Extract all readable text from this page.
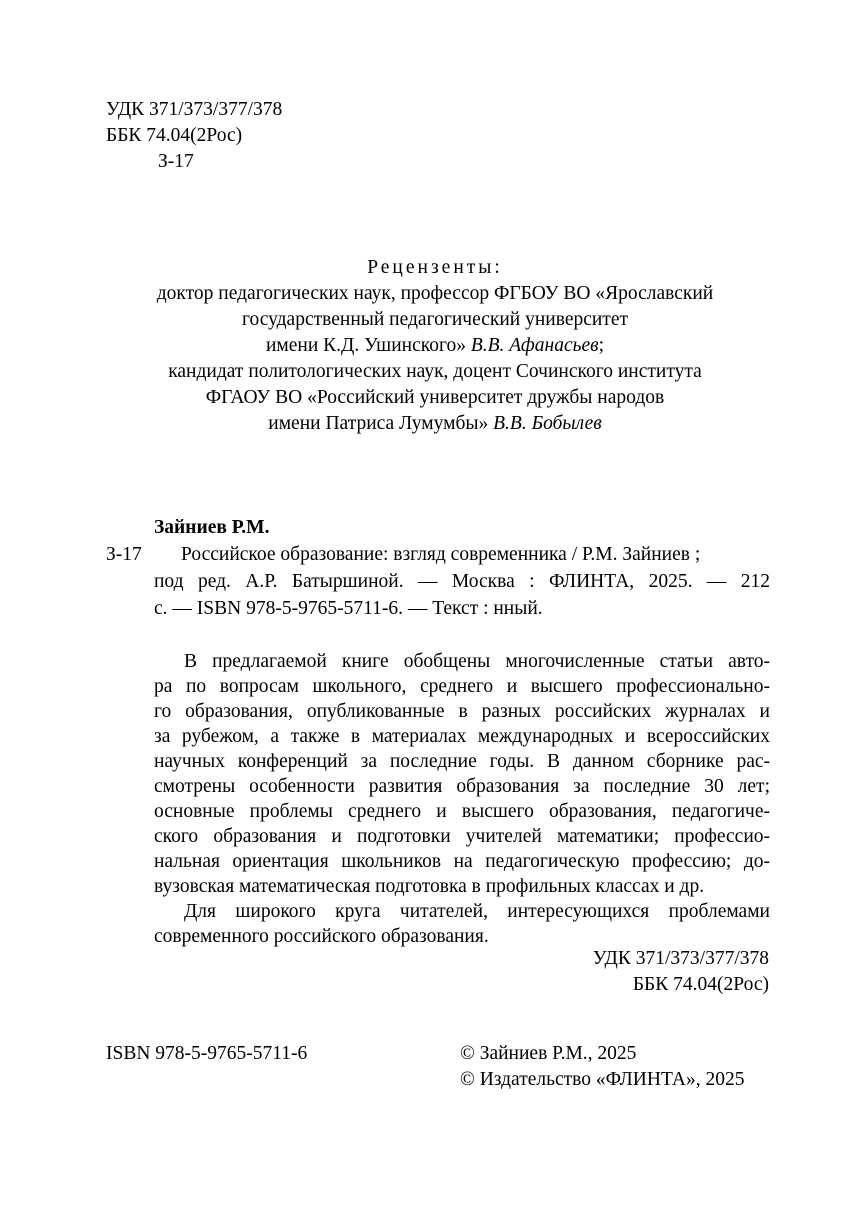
УДК 371/373/377/378
ББК 74.04(2Рос)
З-17
Рецензенты:
доктор педагогических наук, профессор ФГБОУ ВО «Ярославский
государственный педагогический университет
имени К.Д. Ушинского» В.В. Афанасьев;
кандидат политологических наук, доцент Сочинского института
ФГАОУ ВО «Российский университет дружбы народов
имени Патриса Лумумбы» В.В. Бобылев
Зайниев Р.М.
З-17 Российское образование: взгляд современника / Р.М. Зайниев ;
под ред. А.Р. Батыршиной. — Москва : ФЛИНТА, 2025. — 212
с. — ISBN 978-5-9765-5711-6. — Текст : нный.
В предлагаемой книге обобщены многочисленные статьи авто-
ра по вопросам школьного, среднего и высшего профессионально-
го образования, опубликованные в разных российских журналах и
за рубежом, а также в материалах международных и всероссийских
научных конференций за последние годы. В данном сборнике рас-
смотрены особенности развития образования за последние 30 лет;
основные проблемы среднего и высшего образования, педагогиче-
ского образования и подготовки учителей математики; профессио-
нальная ориентация школьников на педагогическую профессию; до-
вузовская математическая подготовка в профильных классах и др.
Для широкого круга читателей, интересующихся проблемами
современного российского образования.
УДК 371/373/377/378
ББК 74.04(2Рос)
ISBN 978-5-9765-5711-6	© Зайниев Р.М., 2025
© Издательство «ФЛИНТА», 2025
